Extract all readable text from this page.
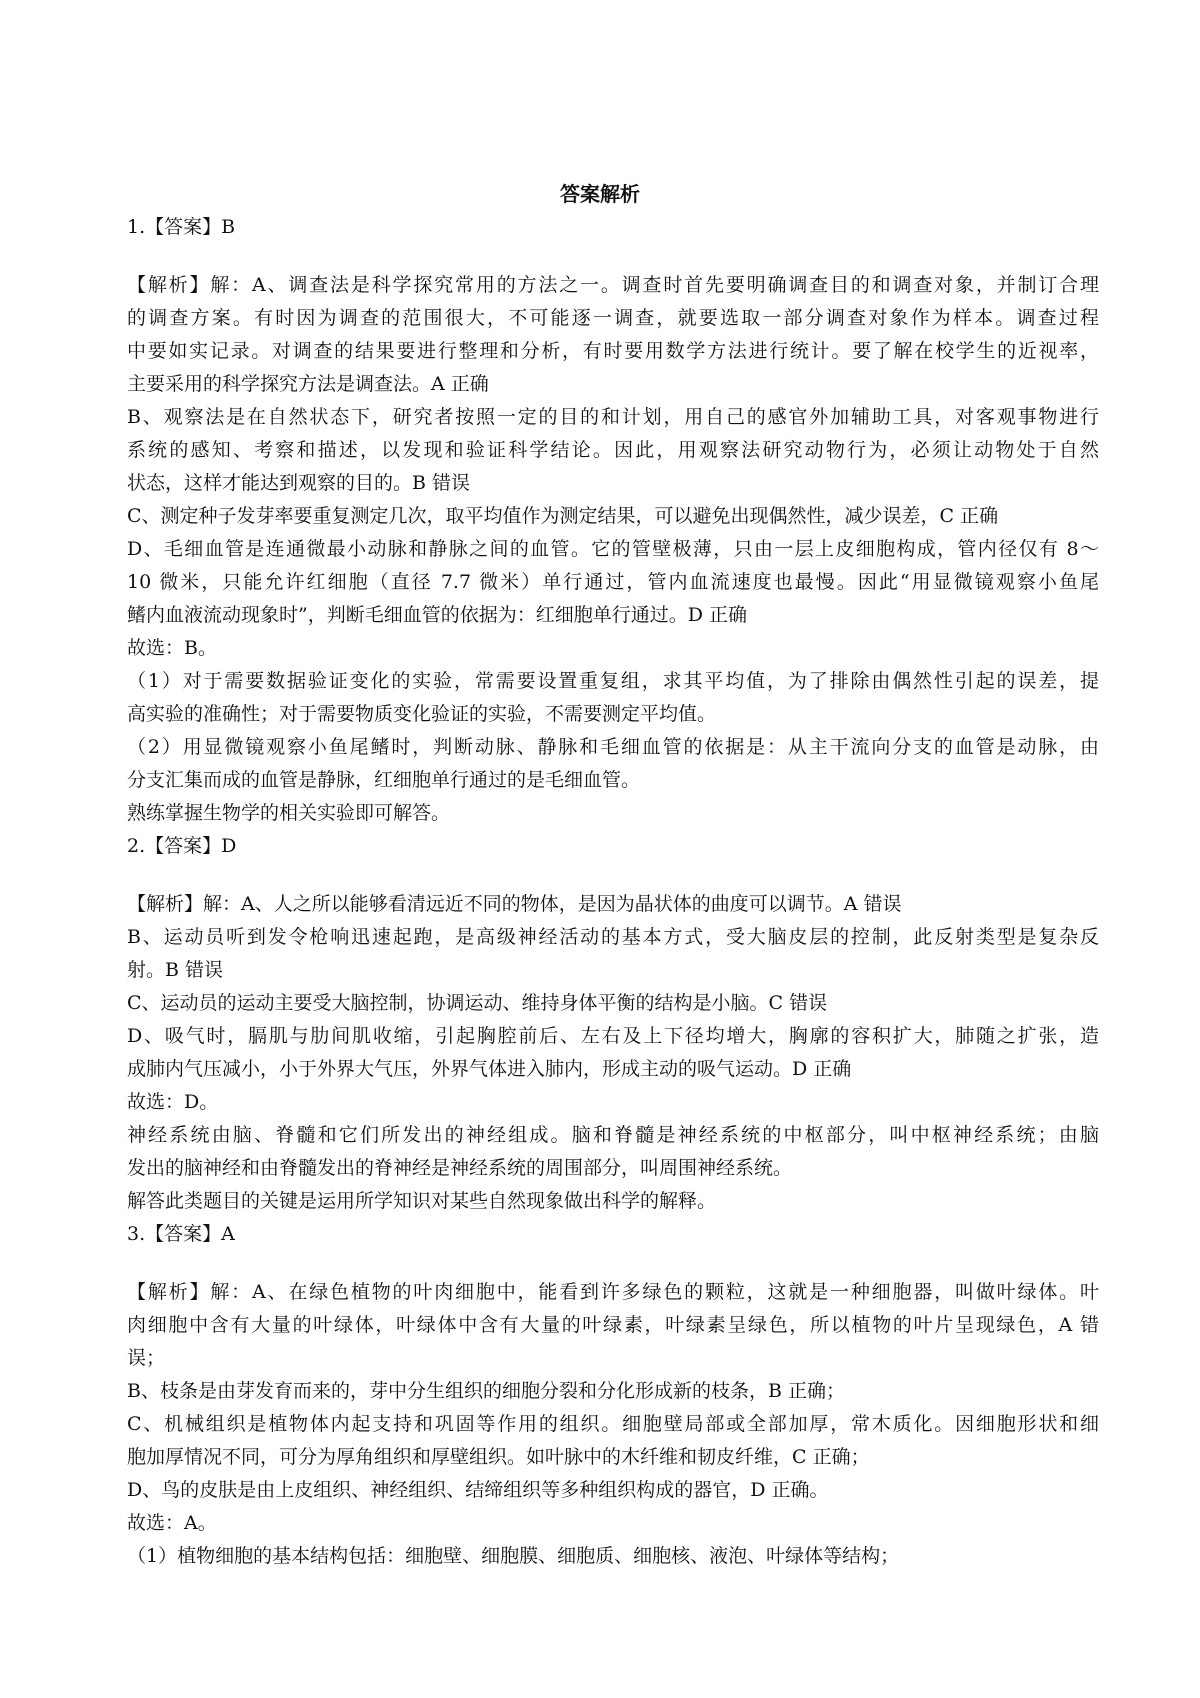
答案解析
1.【答案】B
【解析】解：A、调查法是科学探究常用的方法之一。调查时首先要明确调查目的和调查对象，并制订合理
的调查方案。有时因为调查的范围很大，不可能逐一调查，就要选取一部分调查对象作为样本。调查过程
中要如实记录。对调查的结果要进行整理和分析，有时要用数学方法进行统计。要了解在校学生的近视率，
主要采用的科学探究方法是调查法。A 正确
B、观察法是在自然状态下，研究者按照一定的目的和计划，用自己的感官外加辅助工具，对客观事物进行
系统的感知、考察和描述，以发现和验证科学结论。因此，用观察法研究动物行为，必须让动物处于自然
状态，这样才能达到观察的目的。B 错误
C、测定种子发芽率要重复测定几次，取平均值作为测定结果，可以避免出现偶然性，减少误差，C 正确
D、毛细血管是连通微最小动脉和静脉之间的血管。它的管壁极薄，只由一层上皮细胞构成，管内径仅有 8～
10 微米，只能允许红细胞（直径 7.7 微米）单行通过，管内血流速度也最慢。因此“用显微镜观察小鱼尾
鳍内血液流动现象时”，判断毛细血管的依据为：红细胞单行通过。D 正确
故选：B。
（1）对于需要数据验证变化的实验，常需要设置重复组，求其平均值，为了排除由偶然性引起的误差，提
高实验的准确性；对于需要物质变化验证的实验，不需要测定平均值。
（2）用显微镜观察小鱼尾鳍时，判断动脉、静脉和毛细血管的依据是：从主干流向分支的血管是动脉，由
分支汇集而成的血管是静脉，红细胞单行通过的是毛细血管。
熟练掌握生物学的相关实验即可解答。
2.【答案】D
【解析】解：A、人之所以能够看清远近不同的物体，是因为晶状体的曲度可以调节。A 错误
B、运动员听到发令枪响迅速起跑，是高级神经活动的基本方式，受大脑皮层的控制，此反射类型是复杂反
射。B 错误
C、运动员的运动主要受大脑控制，协调运动、维持身体平衡的结构是小脑。C 错误
D、吸气时，膈肌与肋间肌收缩，引起胸腔前后、左右及上下径均增大，胸廓的容积扩大，肺随之扩张，造
成肺内气压减小，小于外界大气压，外界气体进入肺内，形成主动的吸气运动。D 正确
故选：D。
神经系统由脑、脊髓和它们所发出的神经组成。脑和脊髓是神经系统的中枢部分，叫中枢神经系统；由脑
发出的脑神经和由脊髓发出的脊神经是神经系统的周围部分，叫周围神经系统。
解答此类题目的关键是运用所学知识对某些自然现象做出科学的解释。
3.【答案】A
【解析】解：A、在绿色植物的叶肉细胞中，能看到许多绿色的颗粒，这就是一种细胞器，叫做叶绿体。叶
肉细胞中含有大量的叶绿体，叶绿体中含有大量的叶绿素，叶绿素呈绿色，所以植物的叶片呈现绿色，A 错
误；
B、枝条是由芽发育而来的，芽中分生组织的细胞分裂和分化形成新的枝条，B 正确；
C、机械组织是植物体内起支持和巩固等作用的组织。细胞壁局部或全部加厚，常木质化。因细胞形状和细
胞加厚情况不同，可分为厚角组织和厚壁组织。如叶脉中的木纤维和韧皮纤维，C 正确；
D、鸟的皮肤是由上皮组织、神经组织、结缔组织等多种组织构成的器官，D 正确。
故选：A。
（1）植物细胞的基本结构包括：细胞壁、细胞膜、细胞质、细胞核、液泡、叶绿体等结构；
